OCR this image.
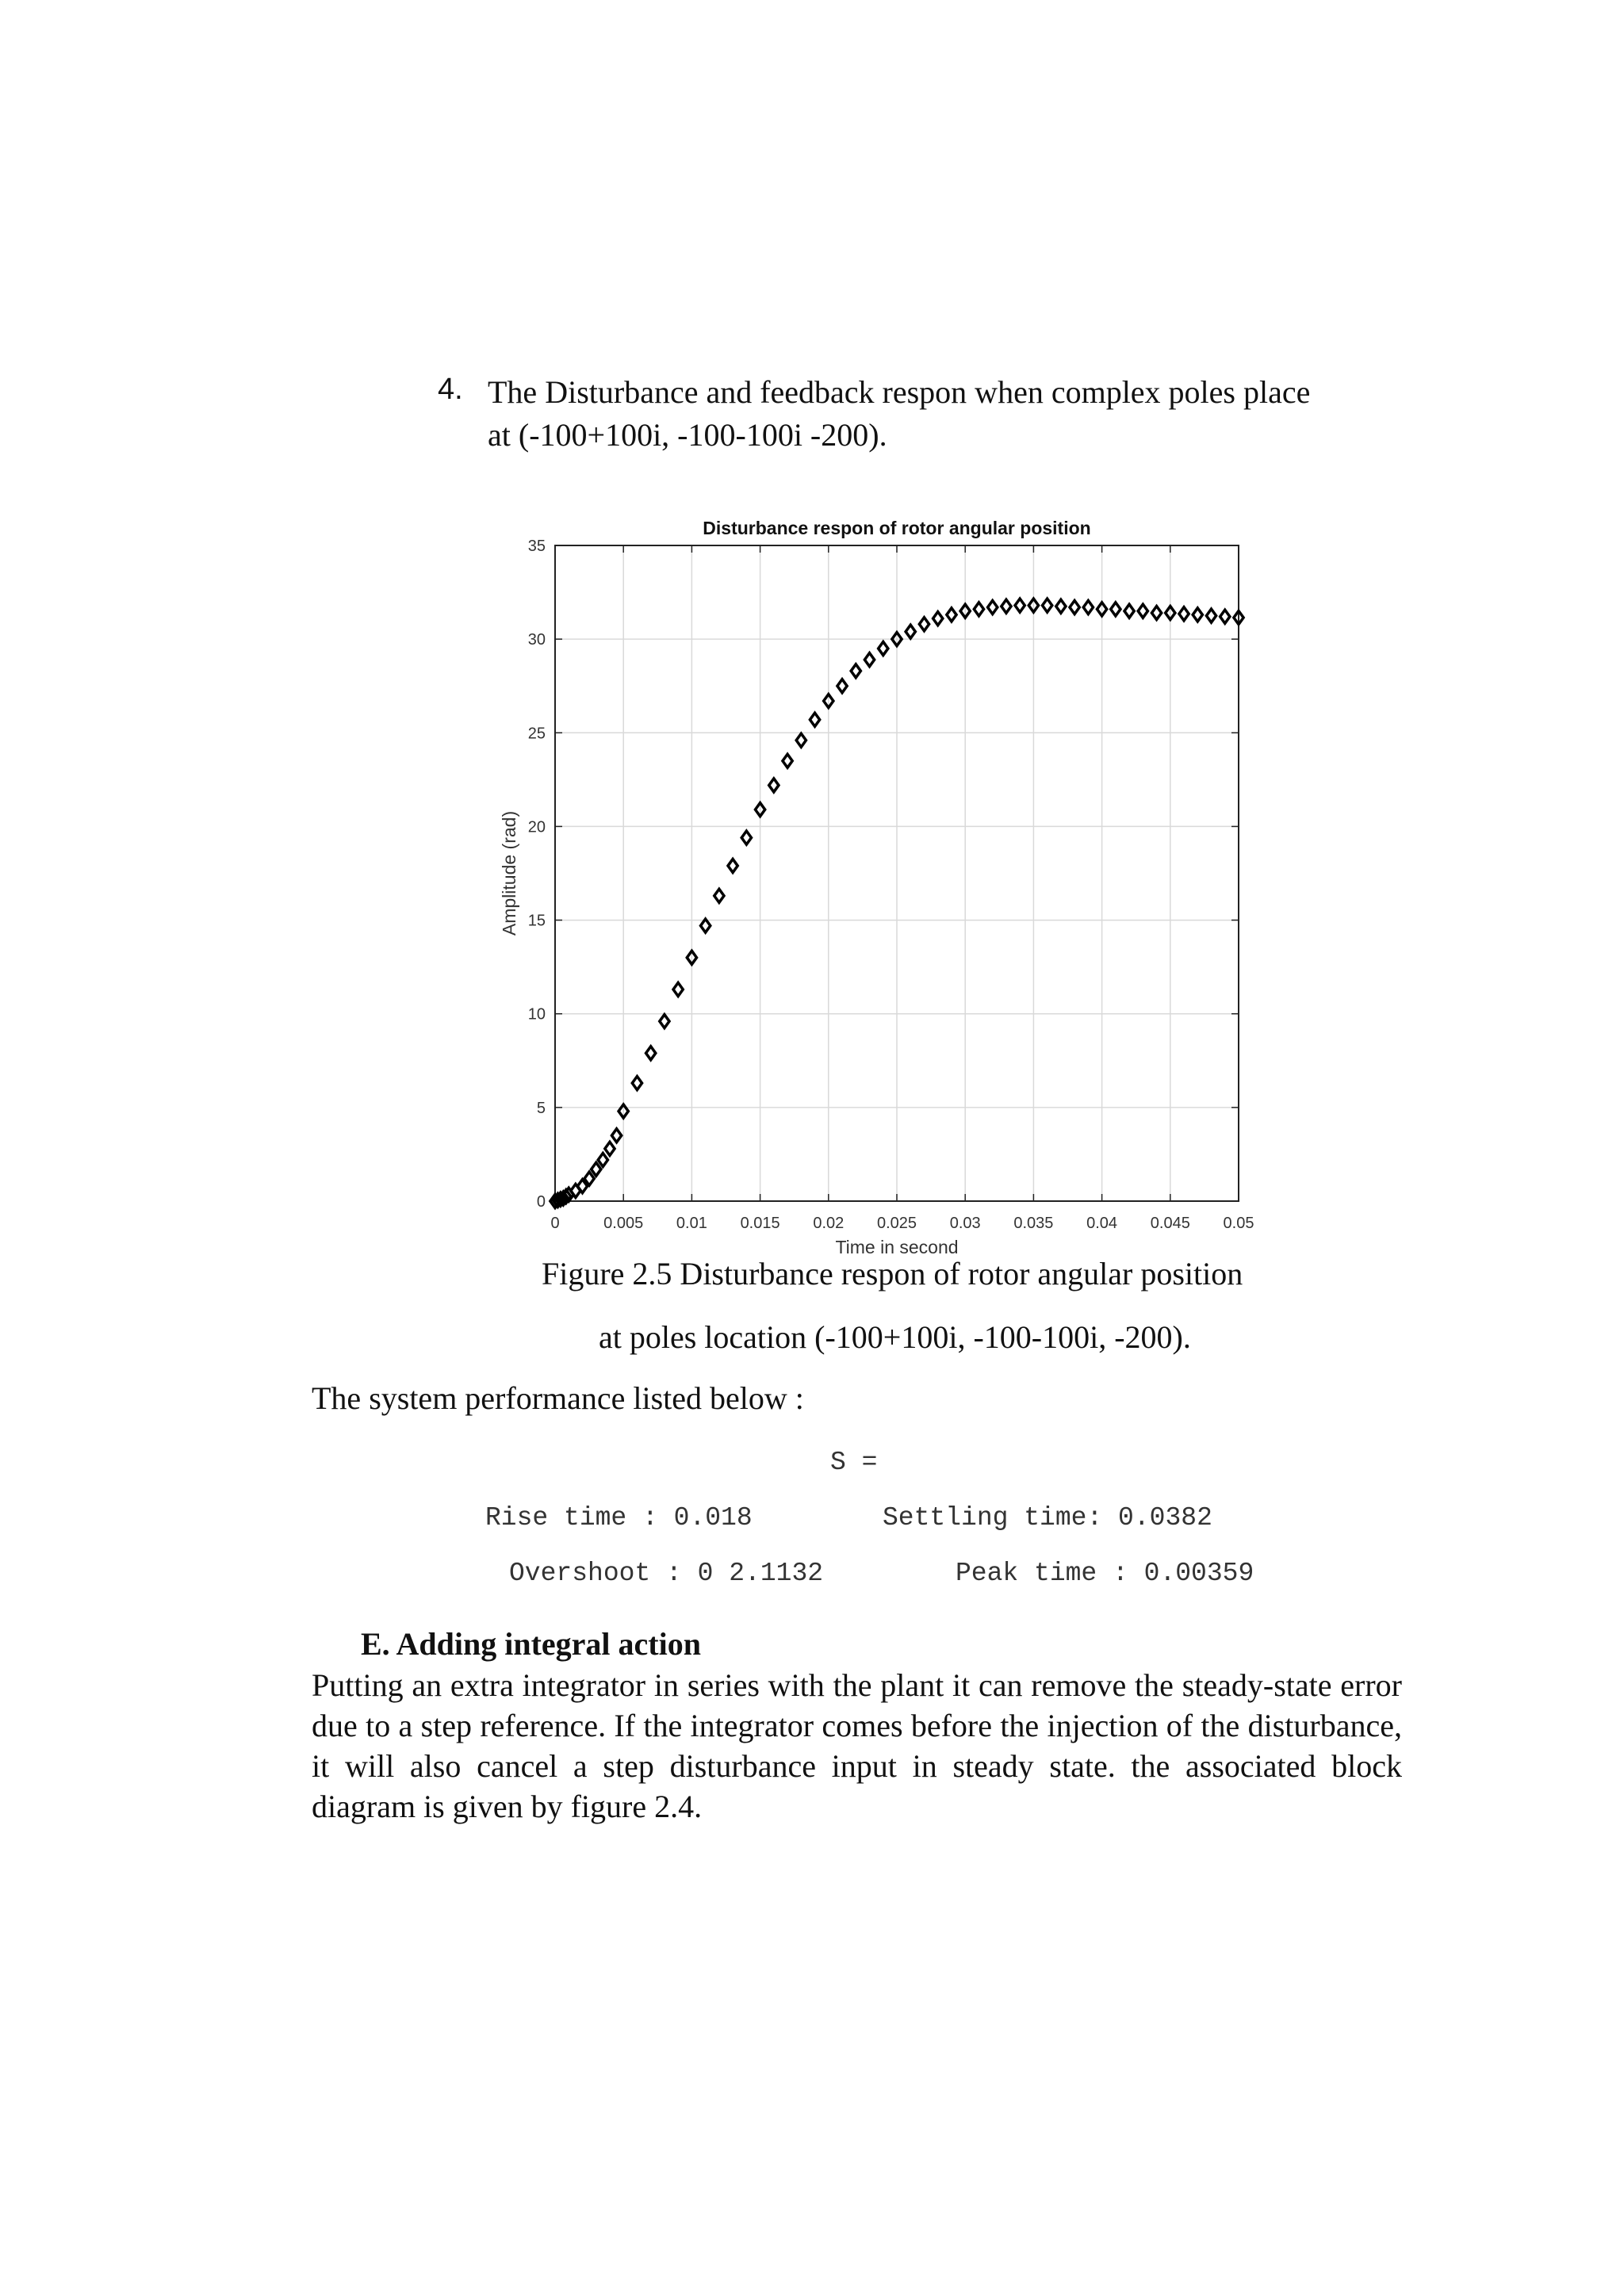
4. The Disturbance and feedback respon when complex poles place
at (-100+100i, -100-100i -200).
0	0.005 0.01 0.015 0.02 0.025 0.03 0.035 0.04 0.045 0.05
0
5
10
15
20
25
30
35
Disturbance respon of rotor angular position
Time in second
Amplitude (rad)
Figure 2.5 Disturbance respon of rotor angular position
at poles location (-100+100i, -100-100i, -200).
The system performance listed below :
S =
Rise time : 0.018	Settling time: 0.0382
Overshoot : 0 2.1132	Peak time : 0.00359
E. Adding integral action
Putting an extra integrator in series with the plant it can remove the steady-state error due to a step reference. If the integrator comes before the injection of the disturbance, it will also cancel a step disturbance input in steady state. the associated block diagram is given by figure 2.4.
